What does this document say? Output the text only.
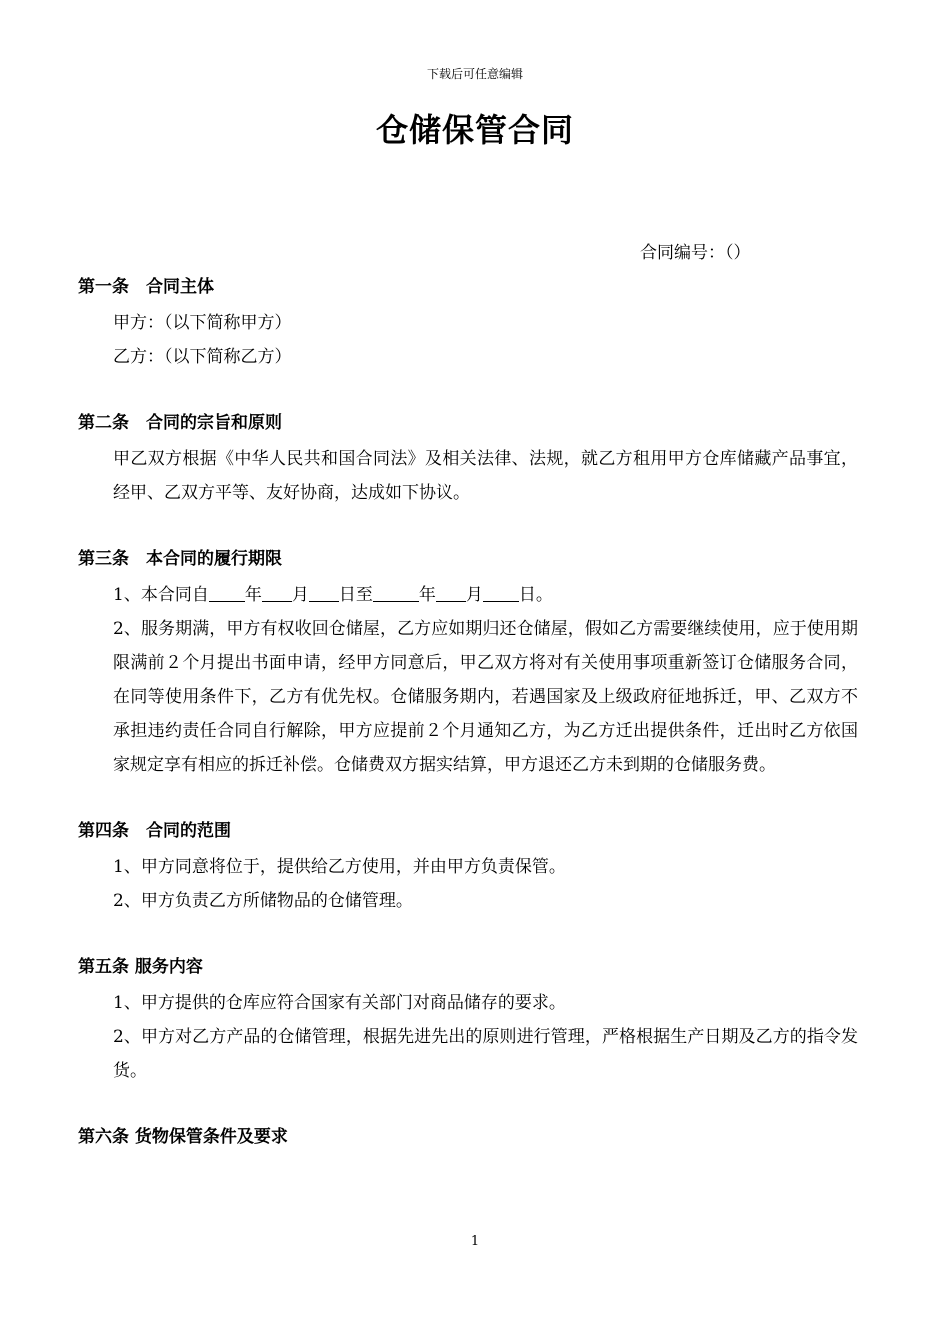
下载后可任意编辑
仓储保管合同
合同编号：（）
第一条　合同主体
甲方：（以下简称甲方）
乙方：（以下简称乙方）
第二条　合同的宗旨和原则
甲乙双方根据《中华人民共和国合同法》及相关法律、法规，就乙方租用甲方仓库储藏产品事宜，经甲、乙双方平等、友好协商，达成如下协议。
第三条　本合同的履行期限
1、本合同自 年 月 日至	年 月 日。
2、服务期满，甲方有权收回仓储屋，乙方应如期归还仓储屋，假如乙方需要继续使用，应于使用期限满前２个月提出书面申请，经甲方同意后，甲乙双方将对有关使用事项重新签订仓储服务合同，在同等使用条件下，乙方有优先权。仓储服务期内，若遇国家及上级政府征地拆迁，甲、乙双方不承担违约责任合同自行解除，甲方应提前２个月通知乙方，为乙方迁出提供条件，迁出时乙方依国家规定享有相应的拆迁补偿。仓储费双方据实结算，甲方退还乙方未到期的仓储服务费。
第四条　合同的范围
1、甲方同意将位于，提供给乙方使用，并由甲方负责保管。
2、甲方负责乙方所储物品的仓储管理。
第五条 服务内容
1、甲方提供的仓库应符合国家有关部门对商品储存的要求。
2、甲方对乙方产品的仓储管理，根据先进先出的原则进行管理，严格根据生产日期及乙方的指令发货。
第六条 货物保管条件及要求
1
